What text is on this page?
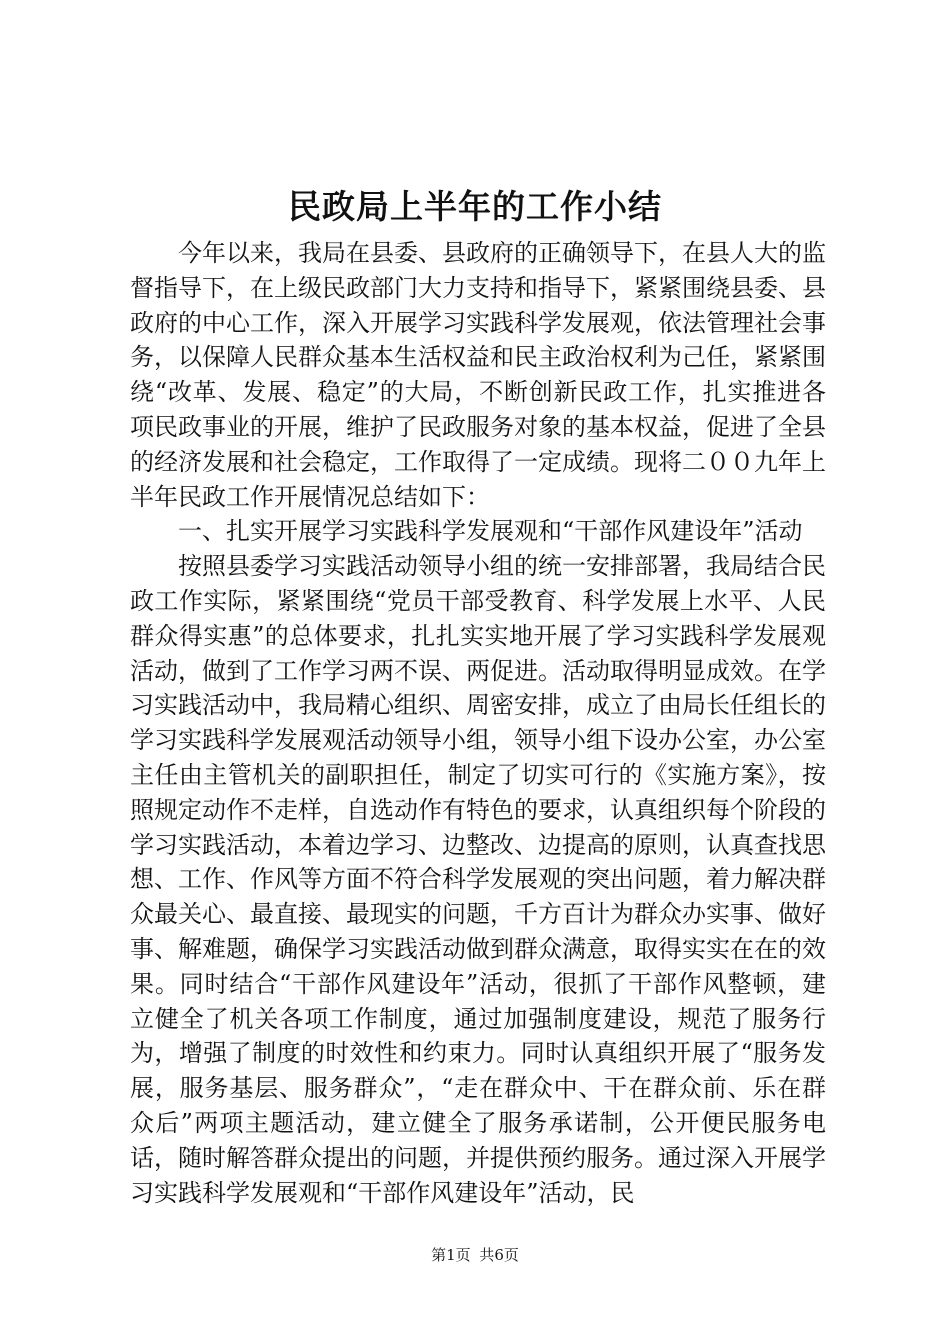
民政局上半年的工作小结

今年以来，我局在县委、县政府的正确领导下，在县人大的监督指导下，在上级民政部门大力支持和指导下，紧紧围绕县委、县政府的中心工作，深入开展学习实践科学发展观，依法管理社会事务，以保障人民群众基本生活权益和民主政治权利为己任，紧紧围绕“改革、发展、稳定”的大局，不断创新民政工作，扎实推进各项民政事业的开展，维护了民政服务对象的基本权益，促进了全县的经济发展和社会稳定，工作取得了一定成绩。现将二００九年上半年民政工作开展情况总结如下：

一、扎实开展学习实践科学发展观和“干部作风建设年”活动

按照县委学习实践活动领导小组的统一安排部署，我局结合民政工作实际，紧紧围绕“党员干部受教育、科学发展上水平、人民群众得实惠”的总体要求，扎扎实实地开展了学习实践科学发展观活动，做到了工作学习两不误、两促进。活动取得明显成效。在学习实践活动中，我局精心组织、周密安排，成立了由局长任组长的学习实践科学发展观活动领导小组，领导小组下设办公室，办公室主任由主管机关的副职担任，制定了切实可行的《实施方案》，按照规定动作不走样，自选动作有特色的要求，认真组织每个阶段的学习实践活动，本着边学习、边整改、边提高的原则，认真查找思想、工作、作风等方面不符合科学发展观的突出问题，着力解决群众最关心、最直接、最现实的问题，千方百计为群众办实事、做好事、解难题，确保学习实践活动做到群众满意，取得实实在在的效果。同时结合“干部作风建设年”活动，很抓了干部作风整顿，建立健全了机关各项工作制度，通过加强制度建设，规范了服务行为，增强了制度的时效性和约束力。同时认真组织开展了“服务发展，服务基层、服务群众”，“走在群众中、干在群众前、乐在群众后”两项主题活动，建立健全了服务承诺制，公开便民服务电话，随时解答群众提出的问题，并提供预约服务。通过深入开展学习实践科学发展观和“干部作风建设年”活动，民

第1页 共6页
